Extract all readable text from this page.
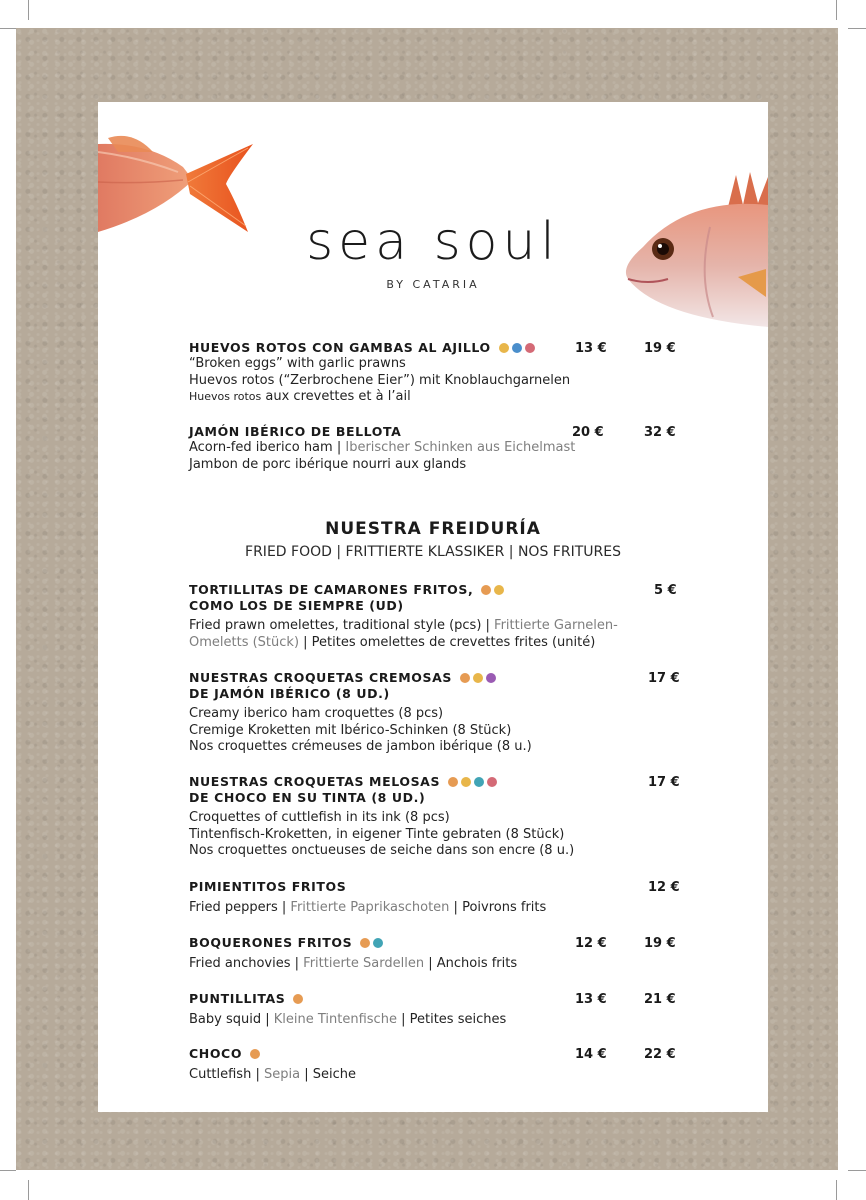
sea soul
BY CATARIA
HUEVOS ROTOS CON GAMBAS AL AJILLO
“Broken eggs” with garlic prawns
Huevos rotos (“Zerbrochene Eier”) mit Knoblauchgarnelen
Huevos rotos aux crevettes et à l’ail
13 €	19 €
JAMÓN IBÉRICO DE BELLOTA
Acorn-fed iberico ham | Iberischer Schinken aus Eichelmast
Jambon de porc ibérique nourri aux glands
20 €	32 €
NUESTRA FREIDURÍA
FRIED FOOD | FRITTIERTE KLASSIKER | NOS FRITURES
TORTILLITAS DE CAMARONES FRITOS,
COMO LOS DE SIEMPRE (UD)
Fried prawn omelettes, traditional style (pcs) | Frittierte Garnelen-
Omeletts (Stück) | Petites omelettes de crevettes frites (unité)
5 €
NUESTRAS CROQUETAS CREMOSAS
DE JAMÓN IBÉRICO (8 UD.)
Creamy iberico ham croquettes (8 pcs)
Cremige Kroketten mit Ibérico-Schinken (8 Stück)
Nos croquettes crémeuses de jambon ibérique (8 u.)
17 €
NUESTRAS CROQUETAS MELOSAS
DE CHOCO EN SU TINTA (8 UD.)
Croquettes of cuttlefish in its ink (8 pcs)
Tintenfisch-Kroketten, in eigener Tinte gebraten (8 Stück)
Nos croquettes onctueuses de seiche dans son encre (8 u.)
17 €
PIMIENTITOS FRITOS
Fried peppers | Frittierte Paprikaschoten | Poivrons frits
12 €
BOQUERONES FRITOS
Fried anchovies | Frittierte Sardellen | Anchois frits
12 €	19 €
PUNTILLITAS
Baby squid | Kleine Tintenfische | Petites seiches
13 €	21 €
CHOCO
Cuttlefish | Sepia | Seiche
14 €	22 €
